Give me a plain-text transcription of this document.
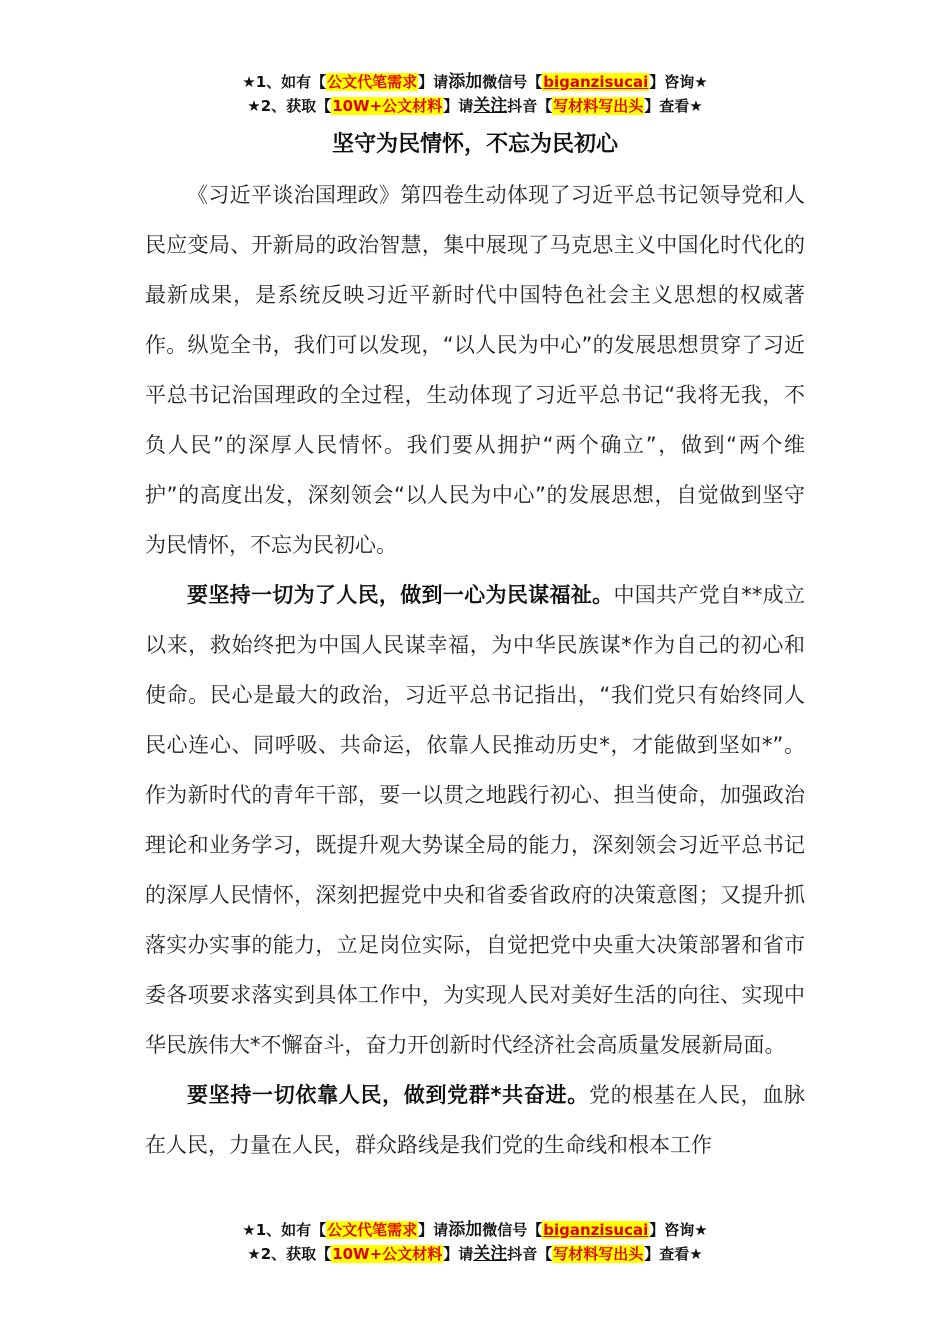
★1、如有【公文代笔需求】请添加微信号【biganzisucai】咨询★
★2、获取【10W+公文材料】请关注抖音【写材料写出头】查看★
坚守为民情怀，不忘为民初心

《习近平谈治国理政》第四卷生动体现了习近平总书记领导党和人民应变局、开新局的政治智慧，集中展现了马克思主义中国化时代化的最新成果，是系统反映习近平新时代中国特色社会主义思想的权威著作。纵览全书，我们可以发现，“以人民为中心”的发展思想贯穿了习近平总书记治国理政的全过程，生动体现了习近平总书记“我将无我，不负人民”的深厚人民情怀。我们要从拥护“两个确立”，做到“两个维护”的高度出发，深刻领会“以人民为中心”的发展思想，自觉做到坚守为民情怀，不忘为民初心。

要坚持一切为了人民，做到一心为民谋福祉。中国共产党自**成立以来，救始终把为中国人民谋幸福，为中华民族谋*作为自己的初心和使命。民心是最大的政治，习近平总书记指出，“我们党只有始终同人民心连心、同呼吸、共命运，依靠人民推动历史*，才能做到坚如*”。作为新时代的青年干部，要一以贯之地践行初心、担当使命，加强政治理论和业务学习，既提升观大势谋全局的能力，深刻领会习近平总书记的深厚人民情怀，深刻把握党中央和省委省政府的决策意图；又提升抓落实办实事的能力，立足岗位实际，自觉把党中央重大决策部署和省市委各项要求落实到具体工作中，为实现人民对美好生活的向往、实现中华民族伟大*不懈奋斗，奋力开创新时代经济社会高质量发展新局面。

要坚持一切依靠人民，做到党群*共奋进。党的根基在人民，血脉在人民，力量在人民，群众路线是我们党的生命线和根本工作

★1、如有【公文代笔需求】请添加微信号【biganzisucai】咨询★
★2、获取【10W+公文材料】请关注抖音【写材料写出头】查看★
